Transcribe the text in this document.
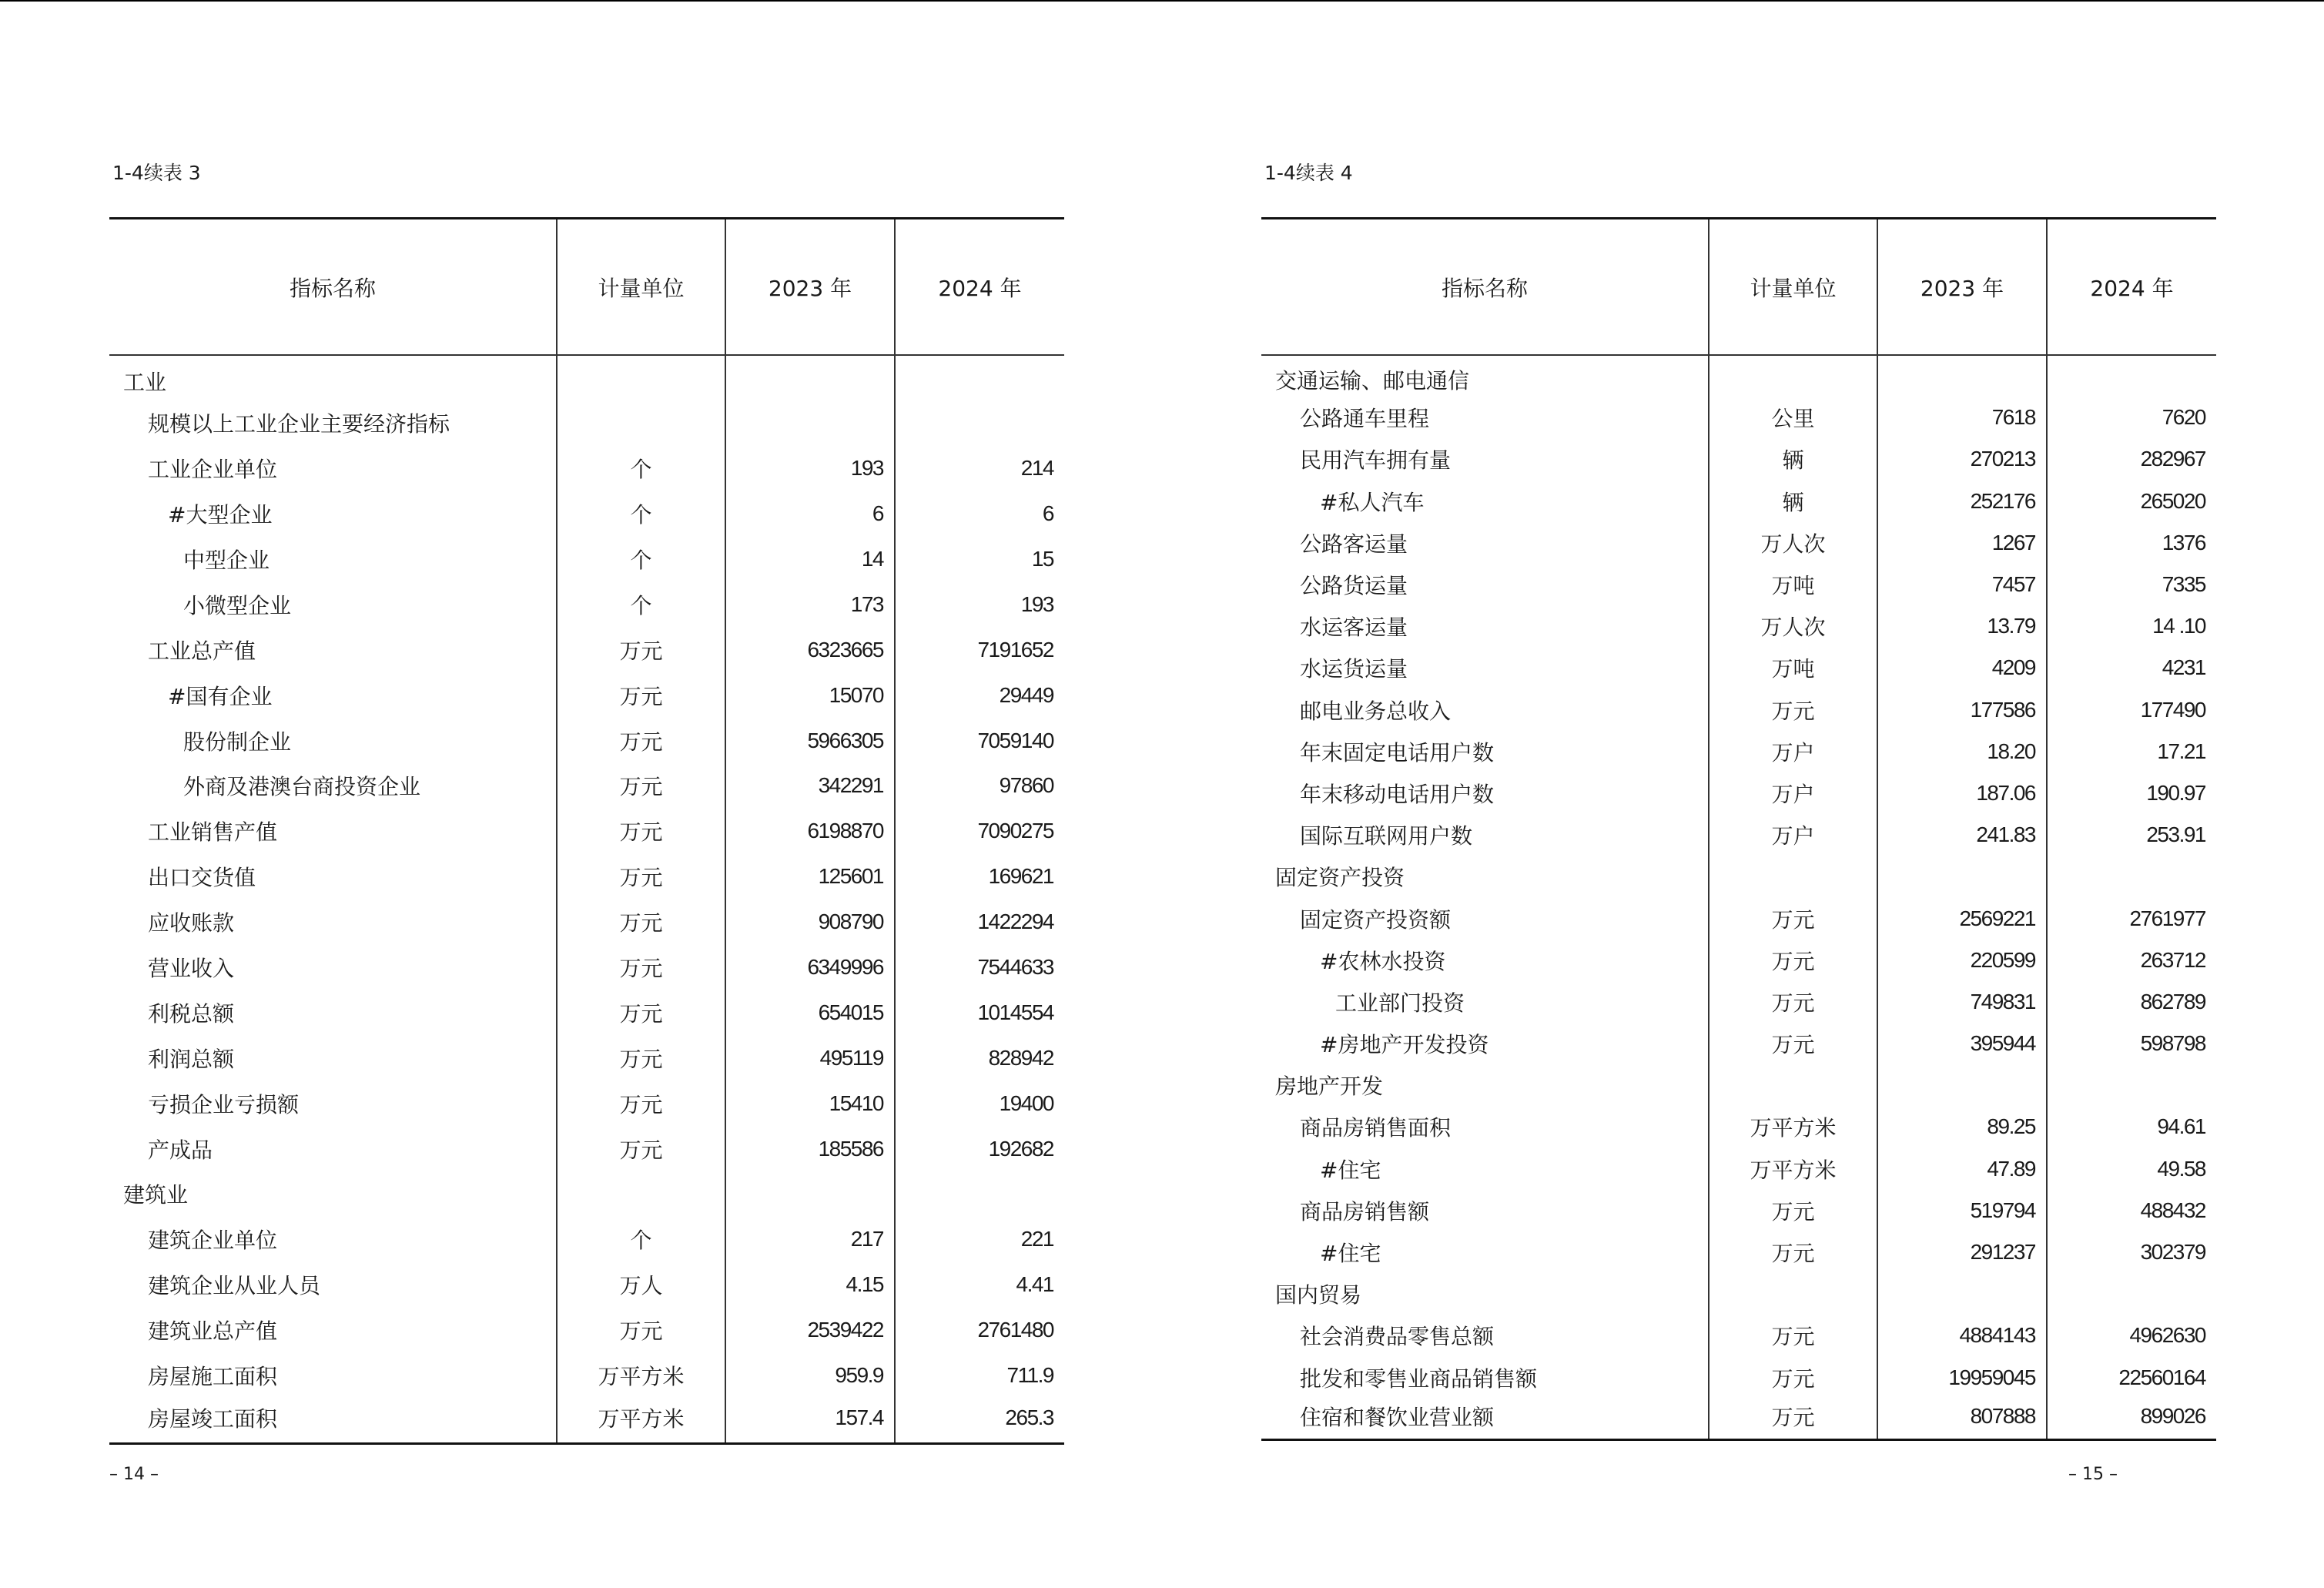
1-4续表 3
指标名称	计量单位	2023 年	2024 年
工业			
规模以上工业企业主要经济指标			
工业企业单位	个	193	214
#大型企业	个	6	6
中型企业	个	14	15
小微型企业	个	173	193
工业总产值	万元	6323665	7191652
#国有企业	万元	15070	29449
股份制企业	万元	5966305	7059140
外商及港澳台商投资企业	万元	342291	97860
工业销售产值	万元	6198870	7090275
出口交货值	万元	125601	169621
应收账款	万元	908790	1422294
营业收入	万元	6349996	7544633
利税总额	万元	654015	1014554
利润总额	万元	495119	828942
亏损企业亏损额	万元	15410	19400
产成品	万元	185586	192682
建筑业			
建筑企业单位	个	217	221
建筑企业从业人员	万人	4.15	4.41
建筑业总产值	万元	2539422	2761480
房屋施工面积	万平方米	959.9	711.9
房屋竣工面积	万平方米	157.4	265.3
– 14 –
1-4续表 4
指标名称	计量单位	2023 年	2024 年
交通运输、邮电通信			
公路通车里程	公里	7618	7620
民用汽车拥有量	辆	270213	282967
#私人汽车	辆	252176	265020
公路客运量	万人次	1267	1376
公路货运量	万吨	7457	7335
水运客运量	万人次	13.79	14 .10
水运货运量	万吨	4209	4231
邮电业务总收入	万元	177586	177490
年末固定电话用户数	万户	18.20	17.21
年末移动电话用户数	万户	187.06	190.97
国际互联网用户数	万户	241.83	253.91
固定资产投资			
固定资产投资额	万元	2569221	2761977
#农林水投资	万元	220599	263712
工业部门投资	万元	749831	862789
#房地产开发投资	万元	395944	598798
房地产开发			
商品房销售面积	万平方米	89.25	94.61
#住宅	万平方米	47.89	49.58
商品房销售额	万元	519794	488432
#住宅	万元	291237	302379
国内贸易			
社会消费品零售总额	万元	4884143	4962630
批发和零售业商品销售额	万元	19959045	22560164
住宿和餐饮业营业额	万元	807888	899026
– 15 –
